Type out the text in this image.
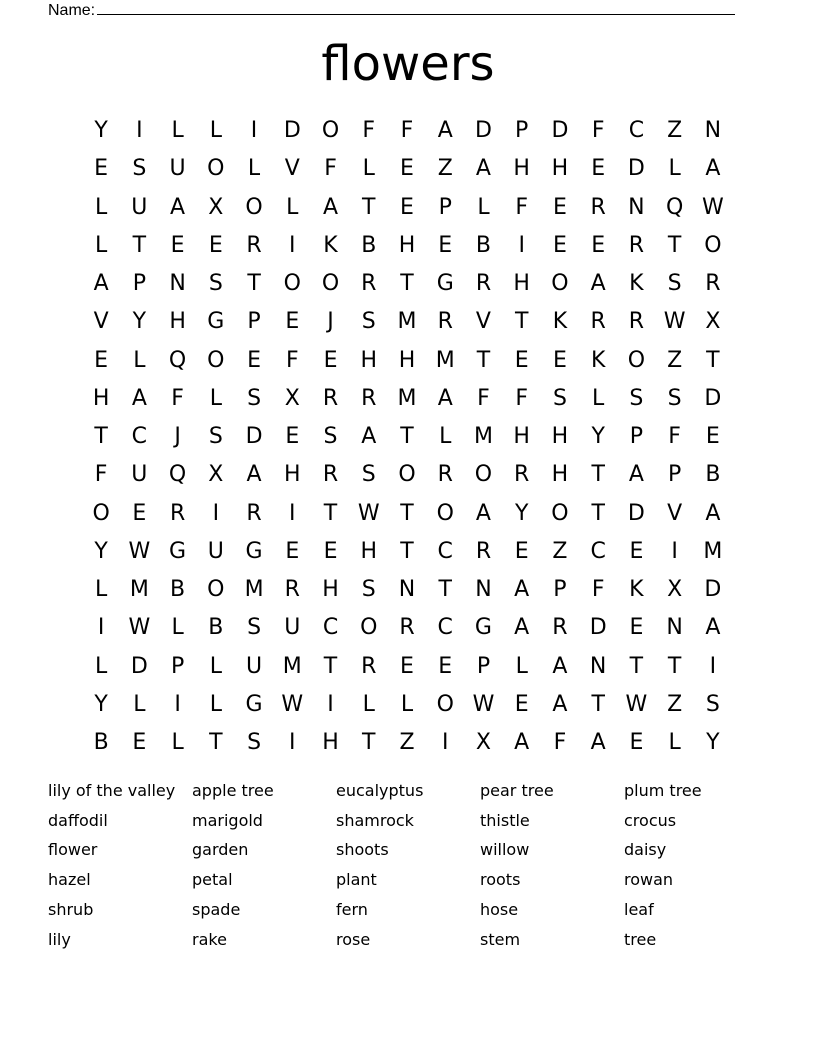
Name:
flowers
Y	I	L	L	I	D O	F	F	A	D	P	D	F	C	Z	N
E	S	U O	L	V	F	L	E	Z	A	H H	E	D	L	A
L	U	A	X	O	L	A	T	E	P	L	F	E	R	N Q W
L	T	E	E	R	I	K	B	H	E	B	I	E	E	R	T	O
A	P	N	S	T	O O R	T	G	R	H O	A	K	S	R
V	Y	H G	P	E	J	S M R	V	T	K	R	R W X
E	L	Q O	E	F	E	H H M	T	E	E	K	O	Z	T
H	A	F	L	S	X	R	R M A	F	F	S	L	S	S	D
T	C	J	S	D	E	S	A	T	L	M H H	Y	P	F	E
F	U Q	X	A	H	R	S	O R O R	H	T	A	P	B
O	E	R	I	R	I	T W T	O	A	Y	O	T	D	V	A
Y W G U G	E	E	H	T	C	R	E	Z	C	E	I	M
L	M B	O M R	H	S	N	T	N	A	P	F	K	X	D
I	W L	B	S	U	C O R	C	G	A	R	D	E	N	A
L	D	P	L	U M	T	R	E	E	P	L	A	N	T	T	I
Y	L	I	L	G W	I	L	L	O W E	A	T W Z	S
B	E	L	T	S	I	H	T	Z	I	X	A	F	A	E	L	Y
lily of the valley	apple tree	eucalyptus	pear tree	plum tree
daffodil	marigold	shamrock	thistle	crocus
flower	garden	shoots	willow	daisy
hazel	petal	plant	roots	rowan
shrub	spade	fern	hose	leaf
lily	rake	rose	stem	tree
